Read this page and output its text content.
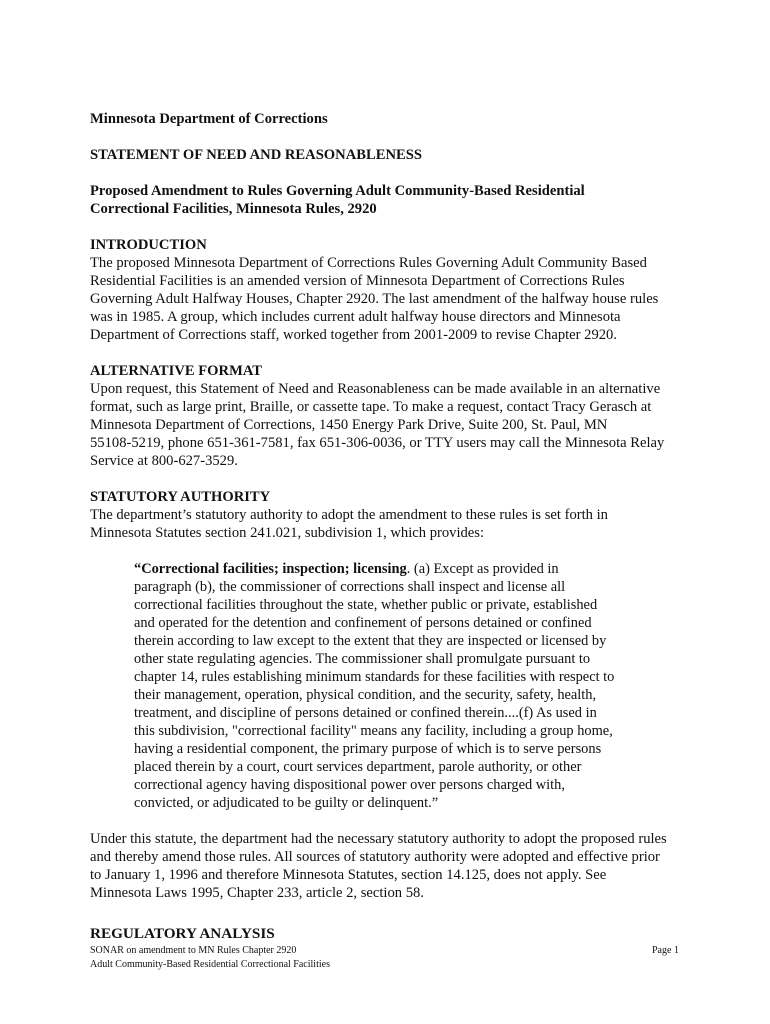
Minnesota Department of Corrections

STATEMENT OF NEED AND REASONABLENESS

Proposed Amendment to Rules Governing Adult Community-Based Residential

Correctional Facilities, Minnesota Rules, 2920

INTRODUCTION

The proposed Minnesota Department of Corrections Rules Governing Adult Community Based

Residential Facilities is an amended version of Minnesota Department of Corrections Rules

Governing Adult Halfway Houses, Chapter 2920. The last amendment of the halfway house rules

was in 1985. A group, which includes current adult halfway house directors and Minnesota

Department of Corrections staff, worked together from 2001-2009 to revise Chapter 2920.

ALTERNATIVE FORMAT

Upon request, this Statement of Need and Reasonableness can be made available in an alternative

format, such as large print, Braille, or cassette tape. To make a request, contact Tracy Gerasch at

Minnesota Department of Corrections, 1450 Energy Park Drive, Suite 200, St. Paul, MN

55108-5219, phone 651-361-7581, fax 651-306-0036, or TTY users may call the Minnesota Relay

Service at 800-627-3529.

STATUTORY AUTHORITY

The department’s statutory authority to adopt the amendment to these rules is set forth in

Minnesota Statutes section 241.021, subdivision 1, which provides:

“Correctional facilities; inspection; licensing. (a) Except as provided in

paragraph (b), the commissioner of corrections shall inspect and license all

correctional facilities throughout the state, whether public or private, established

and operated for the detention and confinement of persons detained or confined

therein according to law except to the extent that they are inspected or licensed by

other state regulating agencies. The commissioner shall promulgate pursuant to

chapter 14, rules establishing minimum standards for these facilities with respect to

their management, operation, physical condition, and the security, safety, health,

treatment, and discipline of persons detained or confined therein....(f) As used in

this subdivision, "correctional facility" means any facility, including a group home,

having a residential component, the primary purpose of which is to serve persons

placed therein by a court, court services department, parole authority, or other

correctional agency having dispositional power over persons charged with,

convicted, or adjudicated to be guilty or delinquent.”

Under this statute, the department had the necessary statutory authority to adopt the proposed rules

and thereby amend those rules. All sources of statutory authority were adopted and effective prior

to January 1, 1996 and therefore Minnesota Statutes, section 14.125, does not apply. See

Minnesota Laws 1995, Chapter 233, article 2, section 58.

REGULATORY ANALYSIS
SONAR on amendment to MN Rules Chapter 2920
Adult Community-Based Residential Correctional Facilities
Page 1
